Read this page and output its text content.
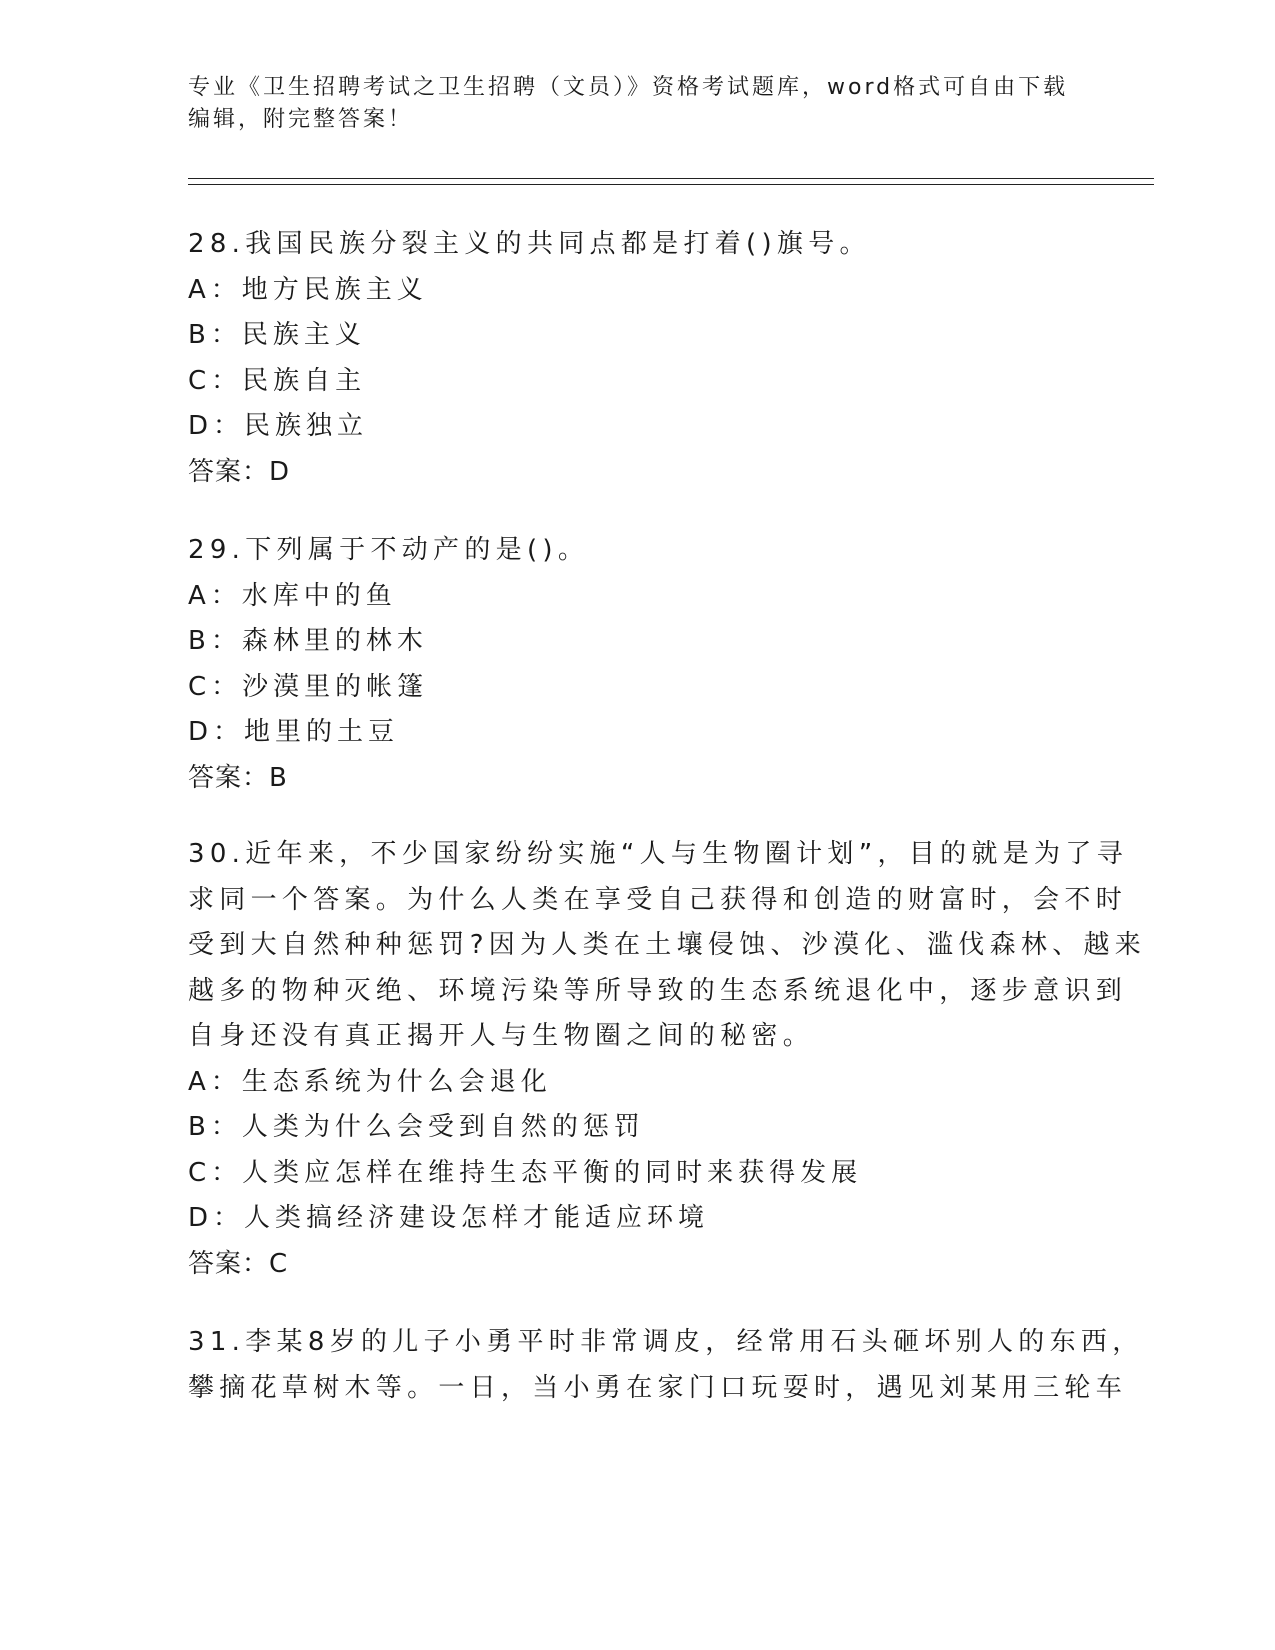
专业《卫生招聘考试之卫生招聘（文员）》资格考试题库，word格式可自由下载
编辑，附完整答案！
28.我国民族分裂主义的共同点都是打着()旗号。
A：地方民族主义
B：民族主义
C：民族自主
D：民族独立
答案：D
29.下列属于不动产的是()。
A：水库中的鱼
B：森林里的林木
C：沙漠里的帐篷
D：地里的土豆
答案：B
30.近年来，不少国家纷纷实施“人与生物圈计划”，目的就是为了寻
求同一个答案。为什么人类在享受自己获得和创造的财富时，会不时
受到大自然种种惩罚?因为人类在土壤侵蚀、沙漠化、滥伐森林、越来
越多的物种灭绝、环境污染等所导致的生态系统退化中，逐步意识到
自身还没有真正揭开人与生物圈之间的秘密。
A：生态系统为什么会退化
B：人类为什么会受到自然的惩罚
C：人类应怎样在维持生态平衡的同时来获得发展
D：人类搞经济建设怎样才能适应环境
答案：C
31.李某8岁的儿子小勇平时非常调皮，经常用石头砸坏别人的东西，
攀摘花草树木等。一日，当小勇在家门口玩耍时，遇见刘某用三轮车
